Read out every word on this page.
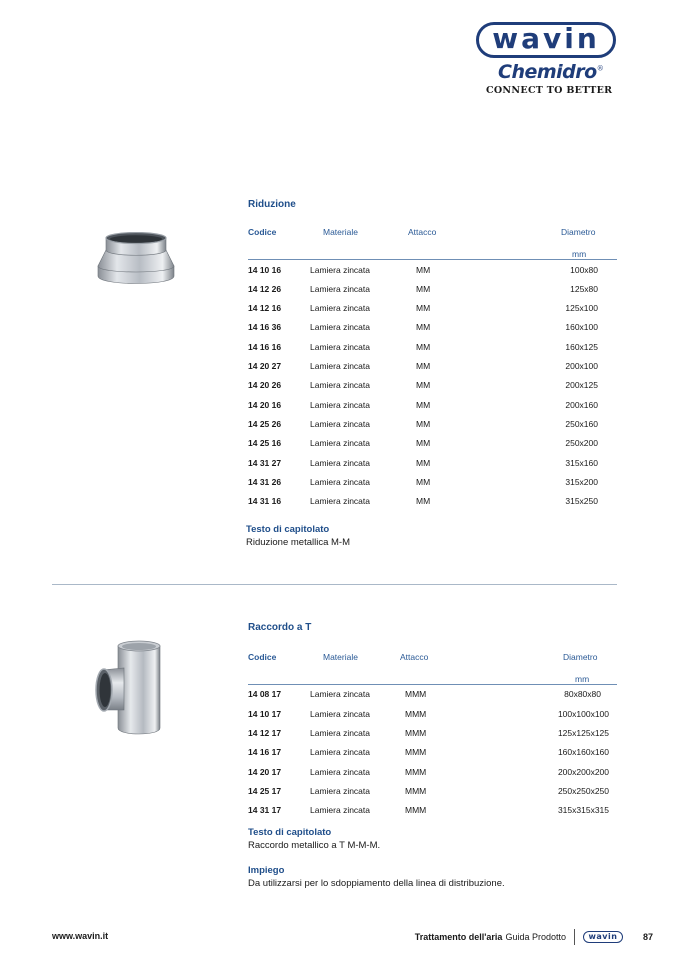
wavin
Chemidro®
CONNECT TO BETTER
Riduzione
Codice	Materiale	Attacco	Diametro
mm
14 10 16	Lamiera zincata	MM	100x80
14 12 26	Lamiera zincata	MM	125x80
14 12 16	Lamiera zincata	MM	125x100
14 16 36	Lamiera zincata	MM	160x100
14 16 16	Lamiera zincata	MM	160x125
14 20 27	Lamiera zincata	MM	200x100
14 20 26	Lamiera zincata	MM	200x125
14 20 16	Lamiera zincata	MM	200x160
14 25 26	Lamiera zincata	MM	250x160
14 25 16	Lamiera zincata	MM	250x200
14 31 27	Lamiera zincata	MM	315x160
14 31 26	Lamiera zincata	MM	315x200
14 31 16	Lamiera zincata	MM	315x250
Testo di capitolato
Riduzione metallica M-M
Raccordo a T
Codice	Materiale	Attacco	Diametro
mm
14 08 17	Lamiera zincata	MMM	80x80x80
14 10 17	Lamiera zincata	MMM	100x100x100
14 12 17	Lamiera zincata	MMM	125x125x125
14 16 17	Lamiera zincata	MMM	160x160x160
14 20 17	Lamiera zincata	MMM	200x200x200
14 25 17	Lamiera zincata	MMM	250x250x250
14 31 17	Lamiera zincata	MMM	315x315x315
Testo di capitolato
Raccordo metallico a T M-M-M.
Impiego
Da utilizzarsi per lo sdoppiamento della linea di distribuzione.
www.wavin.it	Trattamento dell'aria Guida Prodotto	wavin	87
